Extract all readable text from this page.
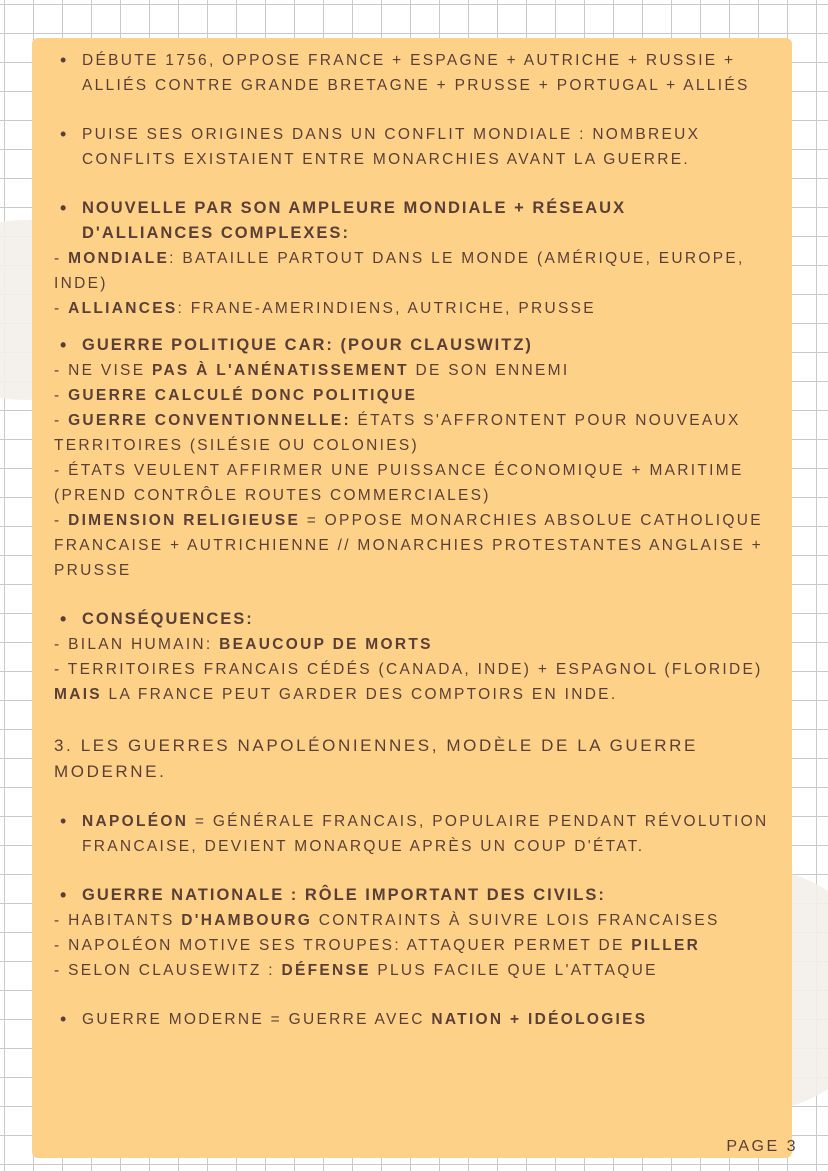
• DÉBUTE 1756, OPPOSE FRANCE + ESPAGNE + AUTRICHE + RUSSIE + ALLIÉS CONTRE GRANDE BRETAGNE + PRUSSE + PORTUGAL + ALLIÉS

• PUISE SES ORIGINES DANS UN CONFLIT MONDIALE : NOMBREUX CONFLITS EXISTAIENT ENTRE MONARCHIES AVANT LA GUERRE.

• NOUVELLE PAR SON AMPLEURE MONDIALE + RÉSEAUX D'ALLIANCES COMPLEXES:

- MONDIALE: BATAILLE PARTOUT DANS LE MONDE (AMÉRIQUE, EUROPE, INDE)

- ALLIANCES: FRANE-AMERINDIENS, AUTRICHE, PRUSSE

• GUERRE POLITIQUE CAR: (POUR CLAUSWITZ)

- NE VISE PAS À L'ANÉNATISSEMENT DE SON ENNEMI

- GUERRE CALCULÉ DONC POLITIQUE

- GUERRE CONVENTIONNELLE: ÉTATS S'AFFRONTENT POUR NOUVEAUX TERRITOIRES (SILÉSIE OU COLONIES)

- ÉTATS VEULENT AFFIRMER UNE PUISSANCE ÉCONOMIQUE + MARITIME (PREND CONTRÔLE ROUTES COMMERCIALES)

- DIMENSION RELIGIEUSE = OPPOSE MONARCHIES ABSOLUE CATHOLIQUE FRANCAISE + AUTRICHIENNE // MONARCHIES PROTESTANTES ANGLAISE + PRUSSE

• CONSÉQUENCES:

- BILAN HUMAIN: BEAUCOUP DE MORTS

- TERRITOIRES FRANCAIS CÉDÉS (CANADA, INDE) + ESPAGNOL (FLORIDE) MAIS LA FRANCE PEUT GARDER DES COMPTOIRS EN INDE.

3. LES GUERRES NAPOLÉONIENNES, MODÈLE DE LA GUERRE MODERNE.

• NAPOLÉON = GÉNÉRALE FRANCAIS, POPULAIRE PENDANT RÉVOLUTION FRANCAISE, DEVIENT MONARQUE APRÈS UN COUP D'ÉTAT.

• GUERRE NATIONALE : RÔLE IMPORTANT DES CIVILS:

- HABITANTS D'HAMBOURG CONTRAINTS À SUIVRE LOIS FRANCAISES

- NAPOLÉON MOTIVE SES TROUPES: ATTAQUER PERMET DE PILLER

- SELON CLAUSEWITZ : DÉFENSE PLUS FACILE QUE L'ATTAQUE

• GUERRE MODERNE = GUERRE AVEC NATION + IDÉOLOGIES

PAGE 3
